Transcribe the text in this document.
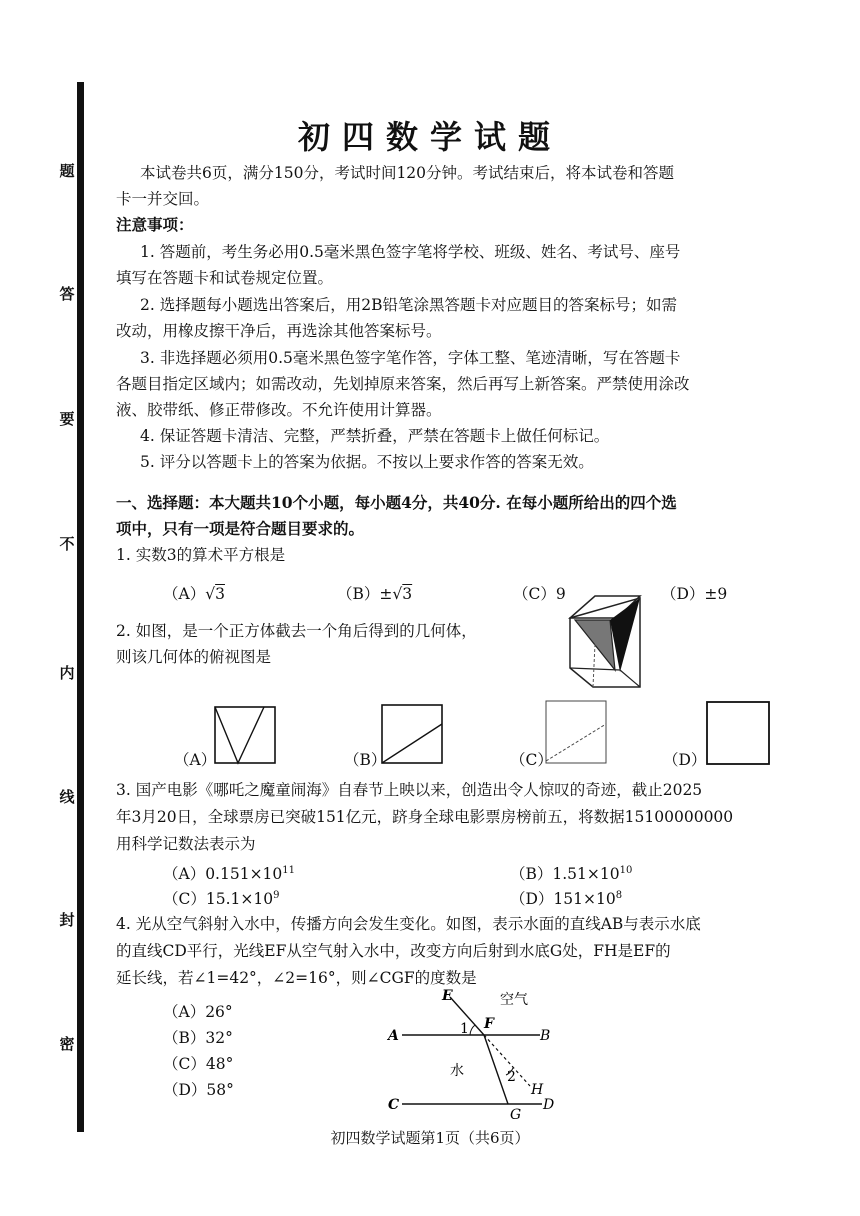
题
答
要
不
内
线
封
密
初四数学试题
本试卷共6页，满分150分，考试时间120分钟。考试结束后，将本试卷和答题
卡一并交回。
注意事项：
1. 答题前，考生务必用0.5毫米黑色签字笔将学校、班级、姓名、考试号、座号
填写在答题卡和试卷规定位置。
2. 选择题每小题选出答案后，用2B铅笔涂黑答题卡对应题目的答案标号；如需
改动，用橡皮擦干净后，再选涂其他答案标号。
3. 非选择题必须用0.5毫米黑色签字笔作答，字体工整、笔迹清晰，写在答题卡
各题目指定区域内；如需改动，先划掉原来答案，然后再写上新答案。严禁使用涂改
液、胶带纸、修正带修改。不允许使用计算器。
4. 保证答题卡清洁、完整，严禁折叠，严禁在答题卡上做任何标记。
5. 评分以答题卡上的答案为依据。不按以上要求作答的答案无效。
一、选择题：本大题共10个小题，每小题4分，共40分. 在每小题所给出的四个选
项中，只有一项是符合题目要求的。
1. 实数3的算术平方根是
（A）√3	（B）±√3	（C）9	（D）±9
2. 如图，是一个正方体截去一个角后得到的几何体，
则该几何体的俯视图是
（A）	（B）	（C）	（D）
3. 国产电影《哪吒之魔童闹海》自春节上映以来，创造出令人惊叹的奇迹，截止2025
年3月20日，全球票房已突破151亿元，跻身全球电影票房榜前五，将数据15100000000
用科学记数法表示为
$(A)0.151\times 10^{11}$	$(B)1.51\times 10^{10}$
$(C)15.1\times 10^9$	$(D)151\times 10^8$
4. 光从空气斜射入水中，传播方向会发生变化。如图，表示水面的直线AB与表示水底
的直线CD平行，光线EF从空气射入水中，改变方向后射到水底G处，FH是EF的
延长线，若∠1=42°，∠2=16°，则∠CGF的度数是
（A）26°
（B）32°
（C）48°
（D）58°
E	空气
1 F
A	B
水	2
H
C
G
D
初四数学试题第1页（共6页）
